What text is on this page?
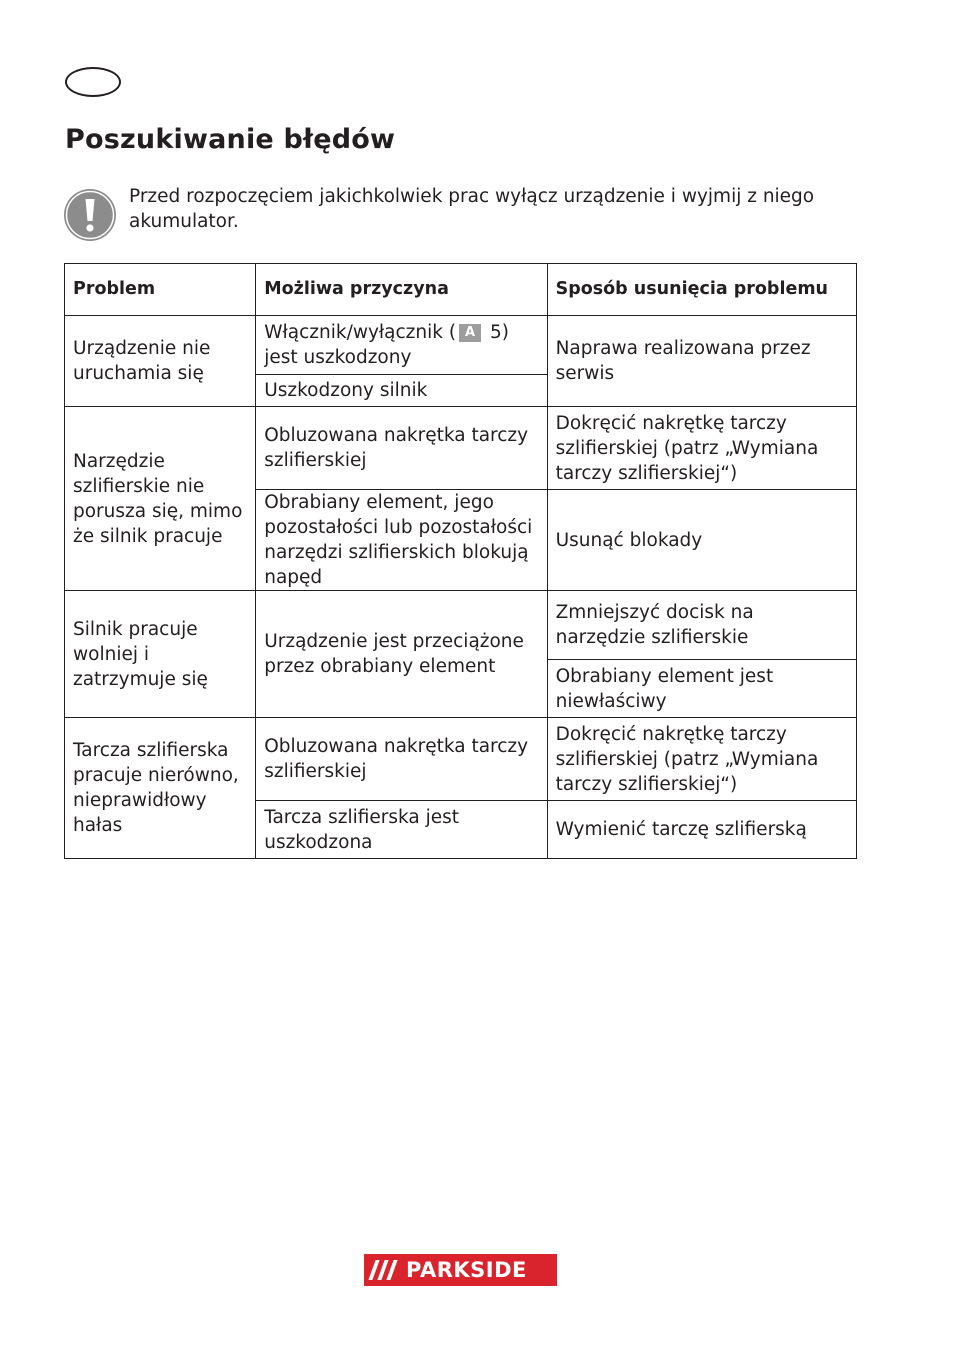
Poszukiwanie błędów
Przed rozpoczęciem jakichkolwiek prac wyłącz urządzenie i wyjmij z niego akumulator.
Problem	Możliwa przyczyna	Sposób usunięcia problemu
Urządzenie nie uruchamia się	Włącznik/wyłącznik ( A 5) jest uszkodzony	Naprawa realizowana przez serwis
	Uszkodzony silnik	
Narzędzie szlifierskie nie porusza się, mimo że silnik pracuje	Obluzowana nakrętka tarczy szlifierskiej	Dokręcić nakrętkę tarczy szlifierskiej (patrz „Wymiana tarczy szlifierskiej“)
	Obrabiany element, jego pozostałości lub pozostałości narzędzi szlifierskich blokują napęd	Usunąć blokady
Silnik pracuje wolniej i zatrzymuje się	Urządzenie jest przeciążone przez obrabiany element	Zmniejszyć docisk na narzędzie szlifierskie
		Obrabiany element jest niewłaściwy
Tarcza szlifierska pracuje nierówno, nieprawidłowy hałas	Obluzowana nakrętka tarczy szlifierskiej	Dokręcić nakrętkę tarczy szlifierskiej (patrz „Wymiana tarczy szlifierskiej“)
	Tarcza szlifierska jest uszkodzona	Wymienić tarczę szlifierską
PARKSIDE
